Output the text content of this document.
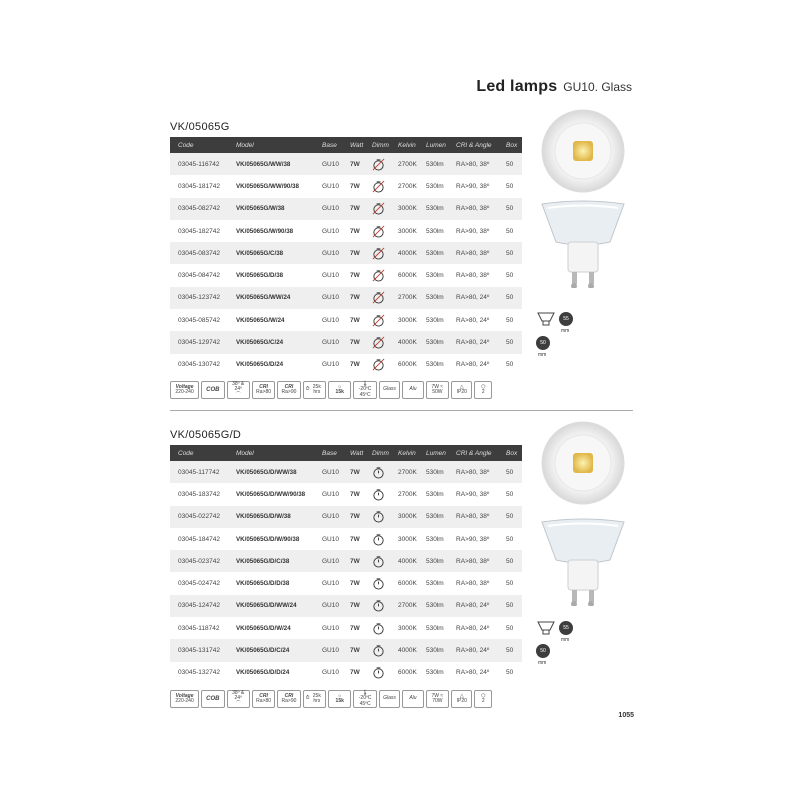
Led lamps GU10. Glass
VK/05065G
Code	Model	Base	Watt	Dimm	Kelvin	Lumen	CRI & Angle	Box
03045-116742	VK/05065G/WW/38	GU10	7W	2700K	530lm	RA>80, 38º	50
03045-181742	VK/05065G/WW/90/38	GU10	7W	2700K	530lm	RA>90, 38º	50
03045-082742	VK/05065G/W/38	GU10	7W	3000K	530lm	RA>80, 38º	50
03045-182742	VK/05065G/W/90/38	GU10	7W	3000K	530lm	RA>90, 38º	50
03045-083742	VK/05065G/C/38	GU10	7W	4000K	530lm	RA>80, 38º	50
03045-084742	VK/05065G/D/38	GU10	7W	6000K	530lm	RA>80, 38º	50
03045-123742	VK/05065G/WW/24	GU10	7W	2700K	530lm	RA>80, 24º	50
03045-085742	VK/05065G/W/24	GU10	7W	3000K	530lm	RA>80, 24º	50
03045-129742	VK/05065G/C/24	GU10	7W	4000K	530lm	RA>80, 24º	50
03045-130742	VK/05065G/D/24	GU10	7W	6000K	530lm	RA>80, 24º	50
Voltage
220-240 COB
38º & 24º
⌒
CRI
Ra>80
CRI
Ra>90 ⏱ 25k hrs
☼
15k
🌡
-20ºC 45ºC
Glass	Alu	7W ≈ 50W
△
IP20
⬡
2
VK/05065G/D
Code	Model	Base	Watt	Dimm	Kelvin	Lumen	CRI & Angle	Box
03045-117742	VK/05065G/D/WW/38	GU10	7W	2700K	530lm	RA>80, 38º	50
03045-183742	VK/05065G/D/WW/90/38	GU10	7W	2700K	530lm	RA>90, 38º	50
03045-022742	VK/05065G/D/W/38	GU10	7W	3000K	530lm	RA>80, 38º	50
03045-184742	VK/05065G/D/W/90/38	GU10	7W	3000K	530lm	RA>90, 38º	50
03045-023742	VK/05065G/D/C/38	GU10	7W	4000K	530lm	RA>80, 38º	50
03045-024742	VK/05065G/D/D/38	GU10	7W	6000K	530lm	RA>80, 38º	50
03045-124742	VK/05065G/D/WW/24	GU10	7W	2700K	530lm	RA>80, 24º	50
03045-118742	VK/05065G/D/W/24	GU10	7W	3000K	530lm	RA>80, 24º	50
03045-131742	VK/05065G/D/C/24	GU10	7W	4000K	530lm	RA>80, 24º	50
03045-132742	VK/05065G/D/D/24	GU10	7W	6000K	530lm	RA>80, 24º	50
Voltage
220-240 COB
38º & 24º
⌒
CRI
Ra>80
CRI
Ra>90 ⏱ 25k hrs
☼
15k
🌡
-20ºC 45ºC
Glass	Alu	7W ≈ 70W
△
IP20
⬡
2
55
mm
50
mm
55
mm
50
mm
1055
